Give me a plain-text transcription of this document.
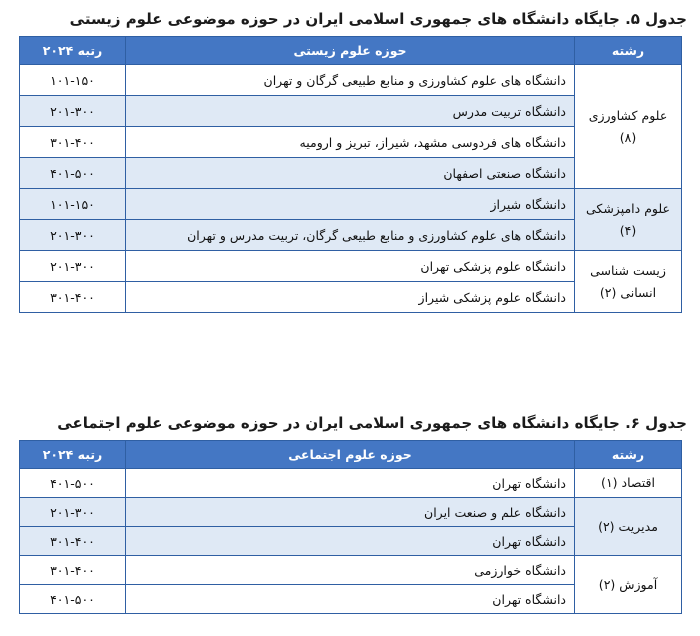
جدول ۵. جایگاه دانشگاه های جمهوری اسلامی ایران در حوزه موضوعی علوم زیستی
رشته	حوزه علوم زیستی	رتبه ۲۰۲۴

علوم کشاورزی
(۸)	دانشگاه های علوم کشاورزی و منابع طبیعی گرگان و تهران	۱۰۱-۱۵۰
	دانشگاه تربیت مدرس	۲۰۱-۳۰۰
	دانشگاه های فردوسی مشهد، شیراز، تبریز و ارومیه	۳۰۱-۴۰۰
	دانشگاه صنعتی اصفهان	۴۰۱-۵۰۰

علوم دامپزشکی
(۴)	دانشگاه شیراز	۱۰۱-۱۵۰
	دانشگاه های علوم کشاورزی و منابع طبیعی گرگان، تربیت مدرس و تهران	۲۰۱-۳۰۰

زیست شناسی
انسانی (۲)	دانشگاه علوم پزشکی تهران	۲۰۱-۳۰۰
	دانشگاه علوم پزشکی شیراز	۳۰۱-۴۰۰
جدول ۶. جایگاه دانشگاه های جمهوری اسلامی ایران در حوزه موضوعی علوم اجتماعی
رشته	حوزه علوم اجتماعی	رتبه ۲۰۲۴

اقتصاد (۱)	دانشگاه تهران	۴۰۱-۵۰۰

مدیریت (۲)	دانشگاه علم و صنعت ایران	۲۰۱-۳۰۰
	دانشگاه تهران	۳۰۱-۴۰۰

آموزش (۲)	دانشگاه خوارزمی	۳۰۱-۴۰۰
	دانشگاه تهران	۴۰۱-۵۰۰
